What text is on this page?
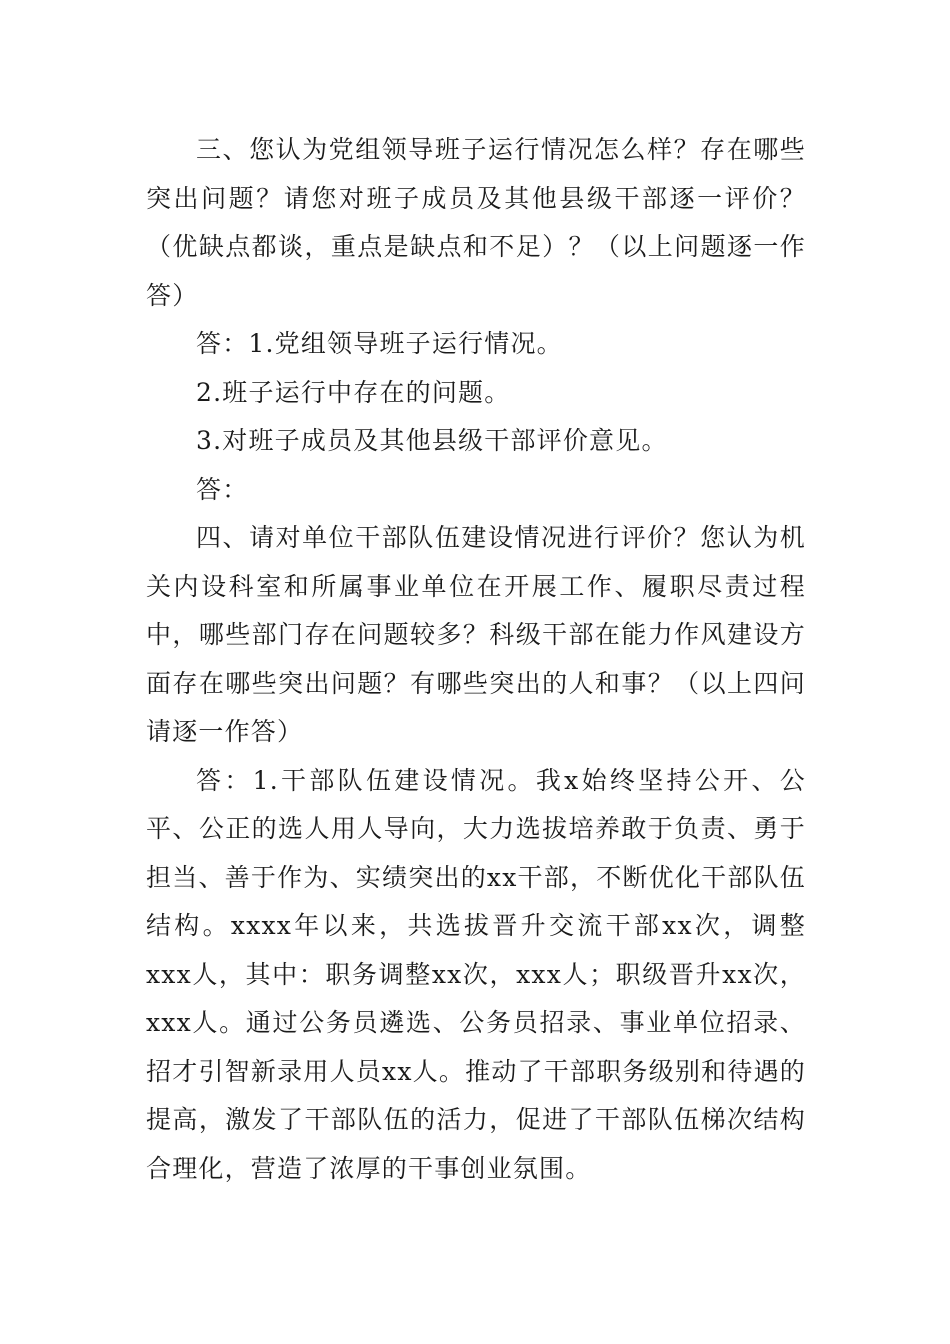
三、您认为党组领导班子运行情况怎么样？存在哪些突出问题？请您对班子成员及其他县级干部逐一评价？（优缺点都谈，重点是缺点和不足）？（以上问题逐一作答）

答：1.党组领导班子运行情况。

2.班子运行中存在的问题。

3.对班子成员及其他县级干部评价意见。

答：

四、请对单位干部队伍建设情况进行评价？您认为机关内设科室和所属事业单位在开展工作、履职尽责过程中，哪些部门存在问题较多？科级干部在能力作风建设方面存在哪些突出问题？有哪些突出的人和事？（以上四问请逐一作答）

答：1.干部队伍建设情况。我x始终坚持公开、公平、公正的选人用人导向，大力选拔培养敢于负责、勇于担当、善于作为、实绩突出的xx干部，不断优化干部队伍结构。xxxx年以来，共选拔晋升交流干部xx次，调整xxx人，其中：职务调整xx次，xxx人；职级晋升xx次，xxx人。通过公务员遴选、公务员招录、事业单位招录、招才引智新录用人员xx人。推动了干部职务级别和待遇的提高，激发了干部队伍的活力，促进了干部队伍梯次结构合理化，营造了浓厚的干事创业氛围。
